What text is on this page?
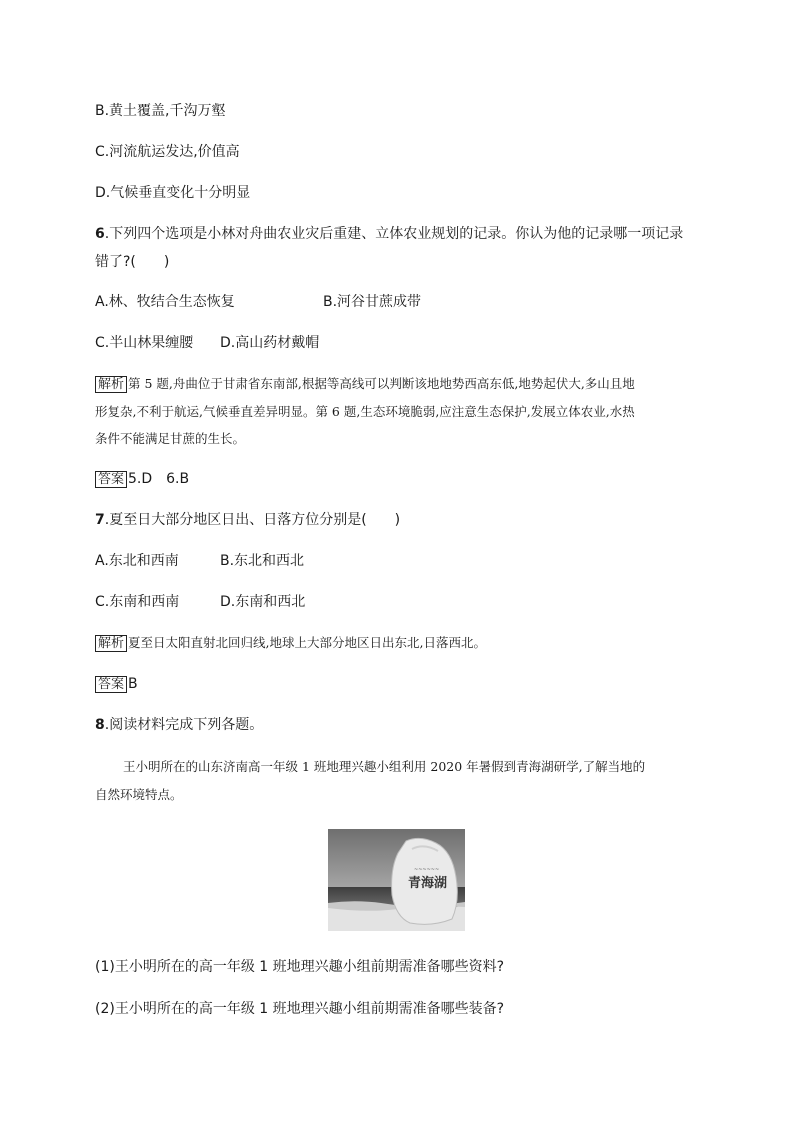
B.黄土覆盖,千沟万壑
C.河流航运发达,价值高
D.气候垂直变化十分明显
6.下列四个选项是小林对舟曲农业灾后重建、立体农业规划的记录。你认为他的记录哪一项记录
错了?(　　)
A.林、牧结合生态恢复	B.河谷甘蔗成带
C.半山林果缠腰 D.高山药材戴帽
解析 第 5 题,舟曲位于甘肃省东南部,根据等高线可以判断该地地势西高东低,地势起伏大,多山且地
形复杂,不利于航运,气候垂直差异明显。第 6 题,生态环境脆弱,应注意生态保护,发展立体农业,水热
条件不能满足甘蔗的生长。
答案 5.D　6.B
7.夏至日大部分地区日出、日落方位分别是(　　)
A.东北和西南	B.东北和西北
C.东南和西南	D.东南和西北
解析 夏至日太阳直射北回归线,地球上大部分地区日出东北,日落西北。
答案 B
8.阅读材料完成下列各题。
王小明所在的山东济南高一年级 1 班地理兴趣小组利用 2020 年暑假到青海湖研学,了解当地的
自然环境特点。
~~~~~~
青海湖
(1)王小明所在的高一年级 1 班地理兴趣小组前期需准备哪些资料?
(2)王小明所在的高一年级 1 班地理兴趣小组前期需准备哪些装备?
